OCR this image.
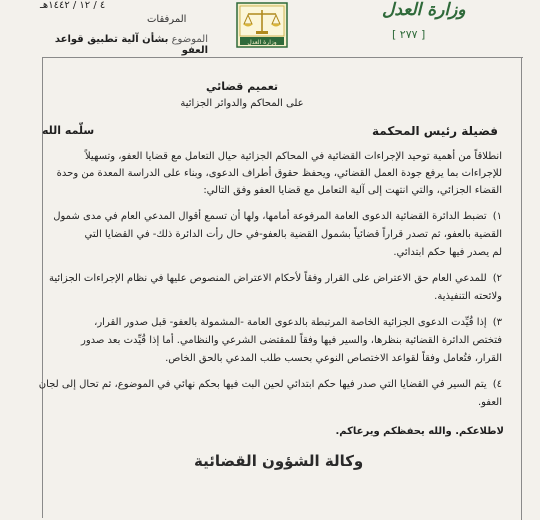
٤ / ١٢ / ١٤٤٢هـ
المرفقات
الموضوع بشأن آلية تطبيق قواعد العفو
وزارة العدل
وزارة العدل
[ ٢٧٧ ]
تعميم قضائي
على المحاكم والدوائر الجزائية
فضيلة رئيس المحكمة
سلّمه الله
انطلاقاً من أهمية توحيد الإجراءات القضائية في المحاكم الجزائية حيال التعامل مع قضايا العفو، وتسهيلاً
للإجراءات بما يرفع جودة العمل القضائي، ويحفظ حقوق أطراف الدعوى، وبناء على الدراسة المعدة من وحدة
القضاء الجزائي، والتي انتهت إلى آلية التعامل مع قضايا العفو وفق التالي:
١)تضبط الدائرة القضائية الدعوى العامة المرفوعة أمامها، ولها أن تسمع أقوال المدعي العام في مدى شمول
القضية بالعفو، ثم تصدر قراراً قضائياً بشمول القضية بالعفو-في حال رأت الدائرة ذلك- في القضايا التي
لم يصدر فيها حكم ابتدائي.
٢)للمدعي العام حق الاعتراض على القرار وفقاً لأحكام الاعتراض المنصوص عليها في نظام الإجراءات الجزائية
ولائحته التنفيذية.
٣)إذا قُيِّدت الدعوى الجزائية الخاصة المرتبطة بالدعوى العامة -المشمولة بالعفو- قبل صدور القرار،
فتختص الدائرة القضائية بنظرها، والسير فيها وفقاً للمقتضى الشرعي والنظامي. أما إذا قُيِّدت بعد صدور
القرار، فتُعامل وفقاً لقواعد الاختصاص النوعي بحسب طلب المدعي بالحق الخاص.
٤)يتم السير في القضايا التي صدر فيها حكم ابتدائي لحين البت فيها بحكم نهائي في الموضوع، ثم تحال إلى لجان
العفو.
لاطلاعكم. والله يحفظكم ويرعاكم.
وكالة الشؤون القضائية
